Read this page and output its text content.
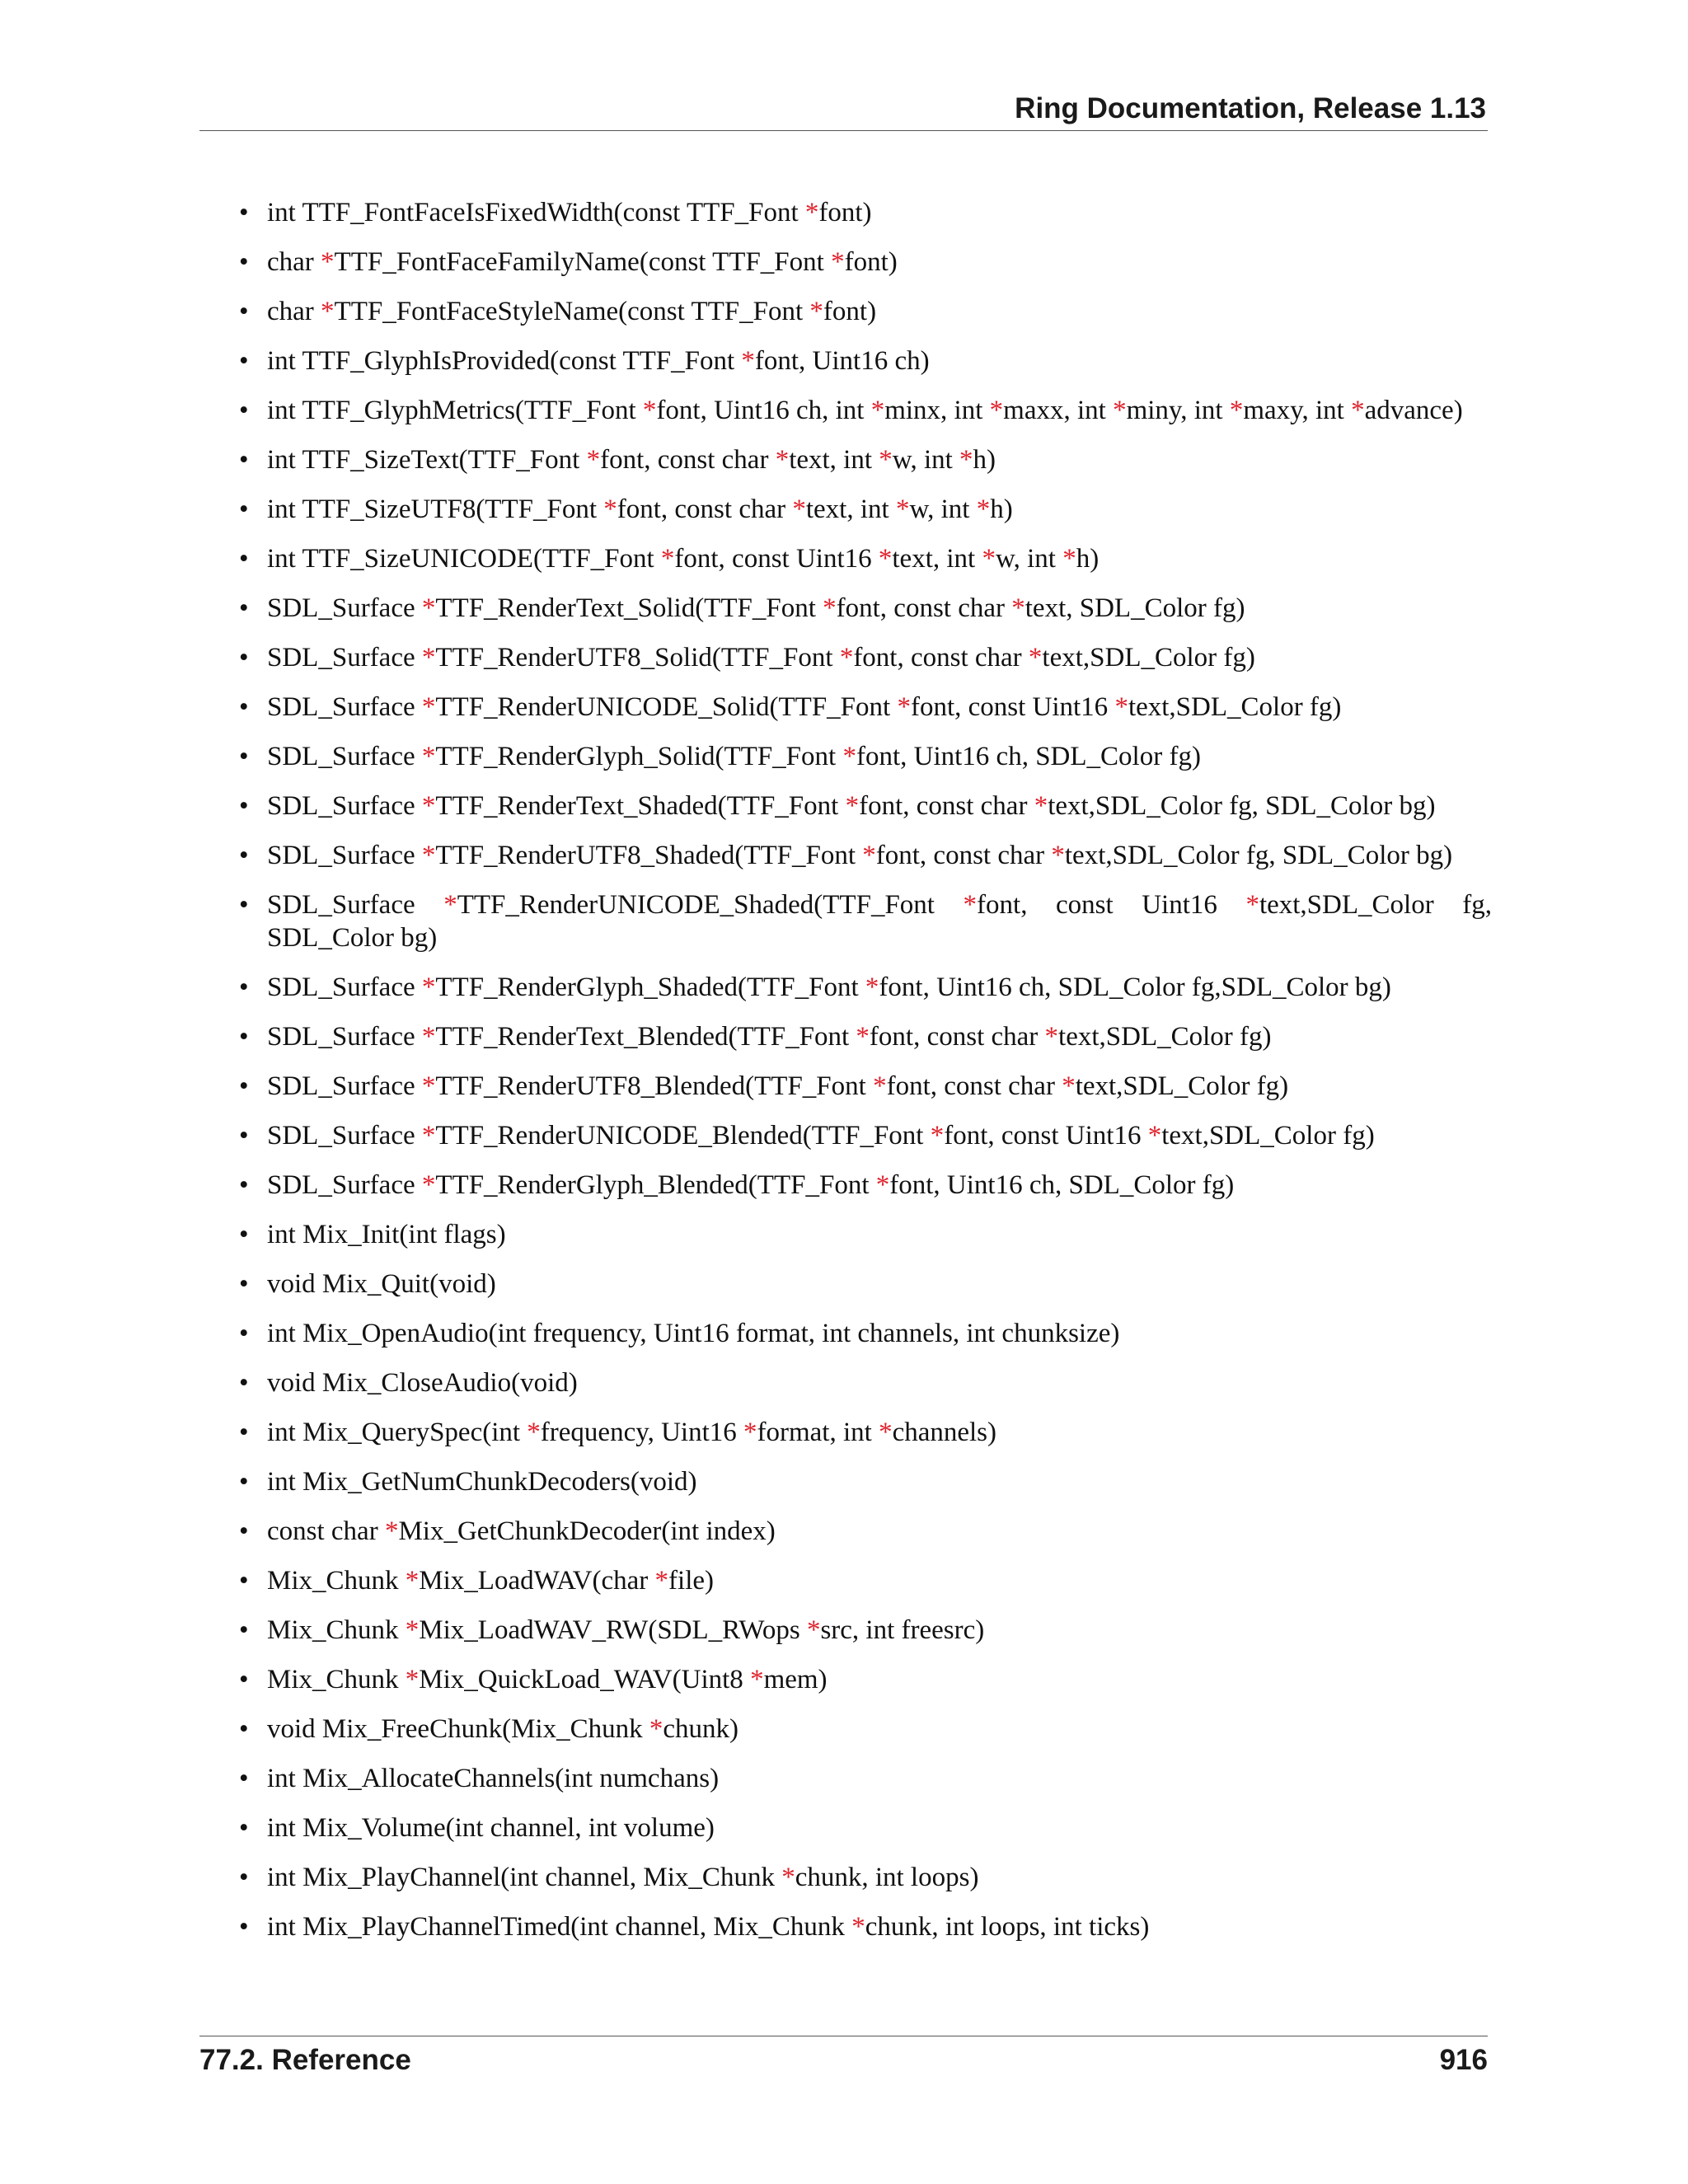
Ring Documentation, Release 1.13
• int TTF_FontFaceIsFixedWidth(const TTF_Font *font)
• char *TTF_FontFaceFamilyName(const TTF_Font *font)
• char *TTF_FontFaceStyleName(const TTF_Font *font)
• int TTF_GlyphIsProvided(const TTF_Font *font, Uint16 ch)
• int TTF_GlyphMetrics(TTF_Font *font, Uint16 ch, int *minx, int *maxx, int *miny, int *maxy, int *advance)
• int TTF_SizeText(TTF_Font *font, const char *text, int *w, int *h)
• int TTF_SizeUTF8(TTF_Font *font, const char *text, int *w, int *h)
• int TTF_SizeUNICODE(TTF_Font *font, const Uint16 *text, int *w, int *h)
• SDL_Surface *TTF_RenderText_Solid(TTF_Font *font, const char *text, SDL_Color fg)
• SDL_Surface *TTF_RenderUTF8_Solid(TTF_Font *font, const char *text,SDL_Color fg)
• SDL_Surface *TTF_RenderUNICODE_Solid(TTF_Font *font, const Uint16 *text,SDL_Color fg)
• SDL_Surface *TTF_RenderGlyph_Solid(TTF_Font *font, Uint16 ch, SDL_Color fg)
• SDL_Surface *TTF_RenderText_Shaded(TTF_Font *font, const char *text,SDL_Color fg, SDL_Color bg)
• SDL_Surface *TTF_RenderUTF8_Shaded(TTF_Font *font, const char *text,SDL_Color fg, SDL_Color bg)
• SDL_Surface *TTF_RenderUNICODE_Shaded(TTF_Font *font, const Uint16 *text,SDL_Color fg, SDL_Color bg)
• SDL_Surface *TTF_RenderGlyph_Shaded(TTF_Font *font, Uint16 ch, SDL_Color fg,SDL_Color bg)
• SDL_Surface *TTF_RenderText_Blended(TTF_Font *font, const char *text,SDL_Color fg)
• SDL_Surface *TTF_RenderUTF8_Blended(TTF_Font *font, const char *text,SDL_Color fg)
• SDL_Surface *TTF_RenderUNICODE_Blended(TTF_Font *font, const Uint16 *text,SDL_Color fg)
• SDL_Surface *TTF_RenderGlyph_Blended(TTF_Font *font, Uint16 ch, SDL_Color fg)
• int Mix_Init(int flags)
• void Mix_Quit(void)
• int Mix_OpenAudio(int frequency, Uint16 format, int channels, int chunksize)
• void Mix_CloseAudio(void)
• int Mix_QuerySpec(int *frequency, Uint16 *format, int *channels)
• int Mix_GetNumChunkDecoders(void)
• const char *Mix_GetChunkDecoder(int index)
• Mix_Chunk *Mix_LoadWAV(char *file)
• Mix_Chunk *Mix_LoadWAV_RW(SDL_RWops *src, int freesrc)
• Mix_Chunk *Mix_QuickLoad_WAV(Uint8 *mem)
• void Mix_FreeChunk(Mix_Chunk *chunk)
• int Mix_AllocateChannels(int numchans)
• int Mix_Volume(int channel, int volume)
• int Mix_PlayChannel(int channel, Mix_Chunk *chunk, int loops)
• int Mix_PlayChannelTimed(int channel, Mix_Chunk *chunk, int loops, int ticks)
77.2. Reference	916
